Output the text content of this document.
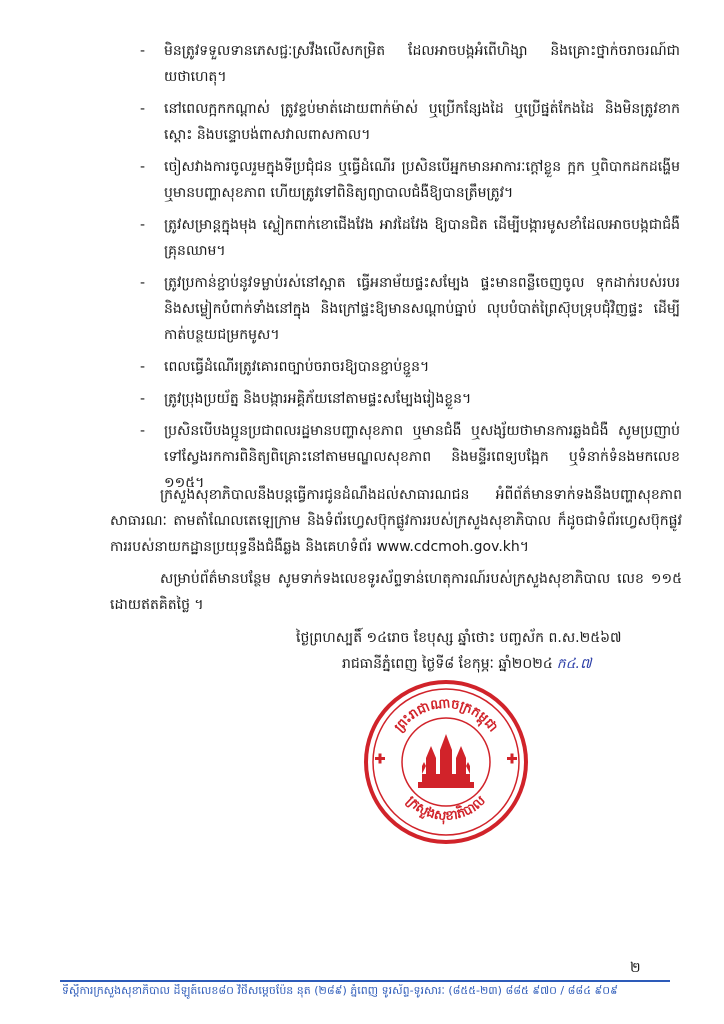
- មិនត្រូវទទួលទានភេសជ្ជៈស្រវឹងលើសកម្រិត ដែលអាចបង្កអំពើហិង្សា និងគ្រោះថ្នាក់ចរាចរណ៍ជាយថាហេតុ។
- នៅពេលក្អកកណ្ដាស់ ត្រូវខ្ទប់មាត់ដោយពាក់ម៉ាស់ ឬប្រើកន្សែងដៃ ឬប្រើផ្នត់កែងដៃ និងមិនត្រូវខាកស្ដោះ និងបន្ទោបង់ពាសវាលពាសកាល។
- ចៀសវាងការចូលរួមក្នុងទីប្រជុំជន ឬធ្វើដំណើរ ប្រសិនបើអ្នកមានអាការៈក្ដៅខ្លួន ក្អក ឬពិបាកដកដង្ហើម ឬមានបញ្ហាសុខភាព ហើយត្រូវទៅពិនិត្យព្យាបាលជំងឺឱ្យបានត្រឹមត្រូវ។
- ត្រូវសម្រាន្តក្នុងមុង ស្លៀកពាក់ខោជើងវែង អាវដៃវែង ឱ្យបានជិត ដើម្បីបង្ការមូសខាំដែលអាចបង្កជាជំងឺគ្រុនឈាម។
- ត្រូវប្រកាន់ខ្ជាប់នូវទម្លាប់រស់នៅស្អាត ធ្វើអនាម័យផ្ទះសម្បែង ផ្ទះមានពន្លឺចេញចូល ទុកដាក់របស់របរ និងសម្លៀកបំពាក់ទាំងនៅក្នុង និងក្រៅផ្ទះឱ្យមានសណ្ដាប់ធ្នាប់ លុបបំបាត់ព្រៃស៊ុបទ្រុបជុំវិញផ្ទះ ដើម្បីកាត់បន្ថយជម្រកមូស។
- ពេលធ្វើដំណើរត្រូវគោរពច្បាប់ចរាចរឱ្យបានខ្ជាប់ខ្ជួន។
- ត្រូវប្រុងប្រយ័ត្ន និងបង្ការអគ្គិភ័យនៅតាមផ្ទះសម្បែងរៀងខ្លួន។
- ប្រសិនបើបងប្អូនប្រជាពលរដ្ឋមានបញ្ហាសុខភាព ឬមានជំងឺ ឬសង្ស័យថាមានការឆ្លងជំងឺ សូមប្រញាប់ទៅស្វែងរកការពិនិត្យពិគ្រោះនៅតាមមណ្ឌលសុខភាព និងមន្ទីរពេទ្យបង្អែក ឬទំនាក់ទំនងមកលេខ ១១៥។
ក្រសួងសុខាភិបាលនឹងបន្តធ្វើការជូនដំណឹងដល់សាធារណជន អំពីព័ត៌មានទាក់ទងនឹងបញ្ហាសុខភាពសាធារណៈ តាមតាំណែលតេឡេក្រាម និងទំព័រហ្វេសប៊ុកផ្លូវការរបស់ក្រសួងសុខាភិបាល ក៏ដូចជាទំព័រហ្វេសប៊ុកផ្លូវការរបស់នាយកដ្ឋានប្រយុទ្ធនឹងជំងឺឆ្លង និងគេហទំព័រ www.cdcmoh.gov.kh។
សម្រាប់ព័ត៌មានបន្ថែម សូមទាក់ទងលេខទូរស័ព្ទទាន់ហេតុការណ៍របស់ក្រសួងសុខាភិបាល លេខ ១១៥ ដោយឥតគិតថ្លៃ ។
ថ្ងៃព្រហស្បតិ៍ ១៤រោច ខែបុស្ស ឆ្នាំថោះ បញ្ចស័ក ព.ស.២៥៦៧
រាជធានីភ្នំពេញ ថ្ងៃទី៨ ខែកុម្ភៈ ឆ្នាំ២០២៤ ក៤.៧
ព្រះរាជាណាចក្រកម្ពុជា
ក្រសួងសុខាភិបាល
២
ទីស្ដីការក្រសួងសុខាភិបាល ដីឡូត៍លេខ៨០ វិថីសម្ដេចប៉ែន នុត (២៨៩) ភ្នំពេញ ទូរស័ព្ទ-ទូរសារៈ (៨៥៥-២៣) ៨៨៥ ៩៧០ / ៨៨៤ ៩០៩
